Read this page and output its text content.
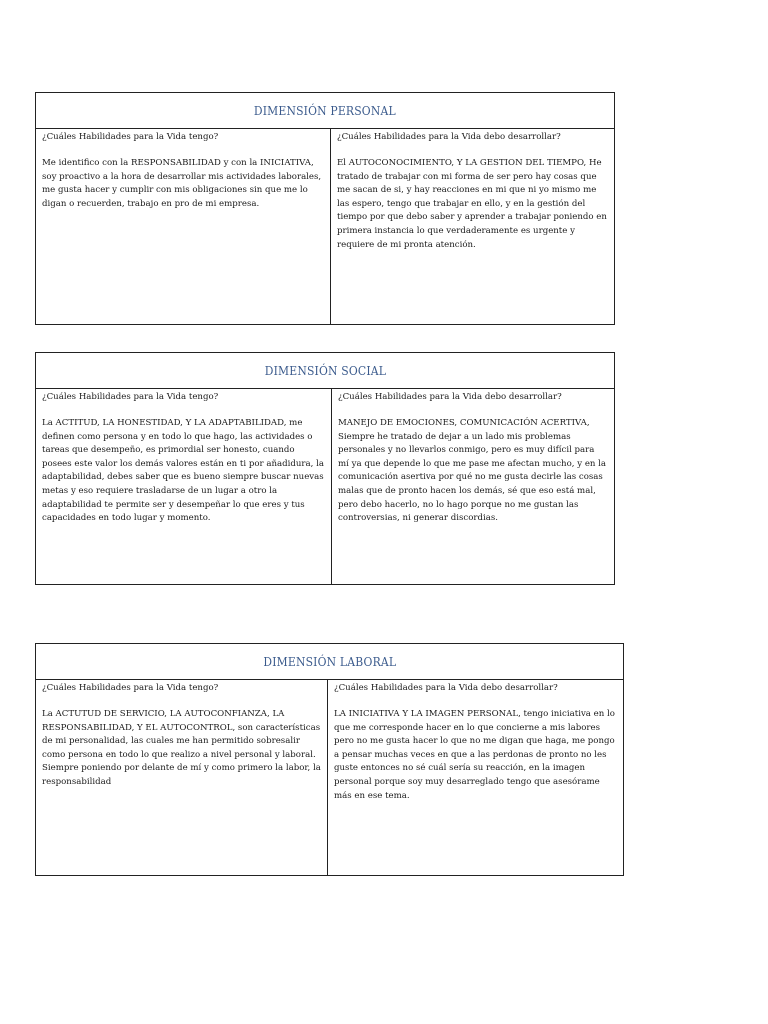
DIMENSIÓN PERSONAL

¿Cuáles Habilidades para la Vida tengo?

Me identifico con la RESPONSABILIDAD y con la INICIATIVA, soy proactivo a la hora de desarrollar mis actividades laborales, me gusta hacer y cumplir con mis obligaciones sin que me lo digan o recuerden, trabajo en pro de mi empresa.

¿Cuáles Habilidades para la Vida debo desarrollar?

El AUTOCONOCIMIENTO, Y LA GESTION DEL TIEMPO, He tratado de trabajar con mi forma de ser pero hay cosas que me sacan de si, y hay reacciones en mi que ni yo mismo me las espero, tengo que trabajar en ello, y en la gestión del tiempo por que debo saber y aprender a trabajar poniendo en primera instancia lo que verdaderamente es urgente y requiere de mi pronta atención.

DIMENSIÓN SOCIAL

¿Cuáles Habilidades para la Vida tengo?

La ACTITUD, LA HONESTIDAD, Y LA ADAPTABILIDAD, me definen como persona y en todo lo que hago, las actividades o tareas que desempeño, es primordial ser honesto, cuando posees este valor los demás valores están en ti por añadidura, la adaptabilidad, debes saber que es bueno siempre buscar nuevas metas y eso requiere trasladarse de un lugar a otro la adaptabilidad te permite ser y desempeñar lo que eres y tus capacidades en todo lugar y momento.

¿Cuáles Habilidades para la Vida debo desarrollar?

MANEJO DE EMOCIONES, COMUNICACIÓN ACERTIVA, Siempre he tratado de dejar a un lado mis problemas personales y no llevarlos conmigo, pero es muy difícil para mí ya que depende lo que me pase me afectan mucho, y en la comunicación asertiva por qué no me gusta decirle las cosas malas que de pronto hacen los demás, sé que eso está mal, pero debo hacerlo, no lo hago porque no me gustan las controversias, ni generar discordias.

DIMENSIÓN LABORAL

¿Cuáles Habilidades para la Vida tengo?

La ACTUTUD DE SERVICIO, LA AUTOCONFIANZA, LA RESPONSABILIDAD, Y EL AUTOCONTROL, son características de mi personalidad, las cuales me han permitido sobresalir como persona en todo lo que realizo a nivel personal y laboral. Siempre poniendo por delante de mí y como primero la labor, la responsabilidad

¿Cuáles Habilidades para la Vida debo desarrollar?

LA INICIATIVA Y LA IMAGEN PERSONAL, tengo iniciativa en lo que me corresponde hacer en lo que concierne a mis labores pero no me gusta hacer lo que no me digan que haga, me pongo a pensar muchas veces en que a las perdonas de pronto no les guste entonces no sé cuál sería su reacción, en la imagen personal porque soy muy desarreglado tengo que asesórame más en ese tema.
